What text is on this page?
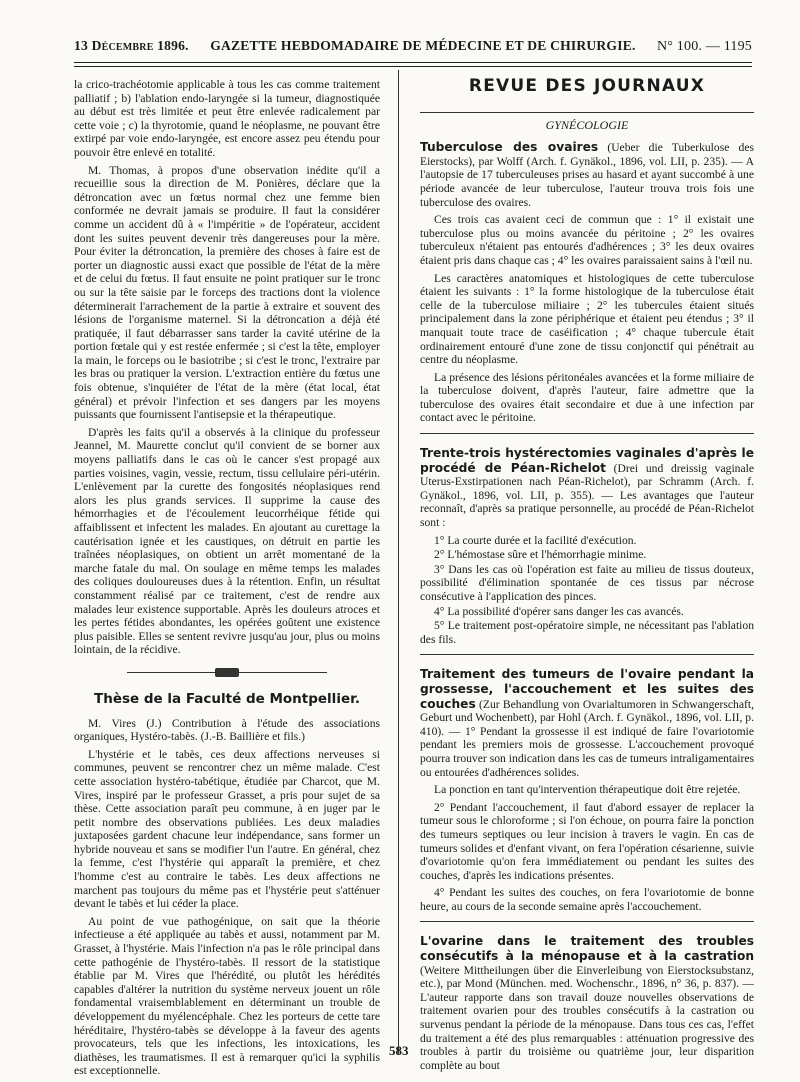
13 Décembre 1896. GAZETTE HEBDOMADAIRE DE MÉDECINE ET DE CHIRURGIE. N° 100. — 1195

la crico-trachéotomie applicable à tous les cas comme traitement palliatif ; b) l'ablation endo-laryngée si la tumeur, diagnostiquée au début est très limitée et peut être enlevée radicalement par cette voie ; c) la thyrotomie, quand le néoplasme, ne pouvant être extirpé par voie endo-laryngée, est encore assez peu étendu pour pouvoir être enlevé en totalité.

M. Thomas, à propos d'une observation inédite qu'il a recueillie sous la direction de M. Ponières, déclare que la détroncation avec un fœtus normal chez une femme bien conformée ne devrait jamais se produire. Il faut la considérer comme un accident dû à « l'impéritie » de l'opérateur, accident dont les suites peuvent devenir très dangereuses pour la mère. Pour éviter la détroncation, la première des choses à faire est de porter un diagnostic aussi exact que possible de l'état de la mère et de celui du fœtus. Il faut ensuite ne point pratiquer sur le tronc ou sur la tête saisie par le forceps des tractions dont la violence déterminerait l'arrachement de la partie à extraire et souvent des lésions de l'organisme maternel. Si la détroncation a déjà été pratiquée, il faut débarrasser sans tarder la cavité utérine de la portion fœtale qui y est restée enfermée ; si c'est la tête, employer la main, le forceps ou le basiotribe ; si c'est le tronc, l'extraire par les bras ou pratiquer la version. L'extraction entière du fœtus une fois obtenue, s'inquiéter de l'état de la mère (état local, état général) et prévoir l'infection et ses dangers par les moyens puissants que fournissent l'antisepsie et la thérapeutique.

D'après les faits qu'il a observés à la clinique du professeur Jeannel, M. Maurette conclut qu'il convient de se borner aux moyens palliatifs dans le cas où le cancer s'est propagé aux parties voisines, vagin, vessie, rectum, tissu cellulaire péri-utérin. L'enlèvement par la curette des fongosités néoplasiques rend alors les plus grands services. Il supprime la cause des hémorrhagies et de l'écoulement leucorrhéique fétide qui affaiblissent et infectent les malades. En ajoutant au curettage la cautérisation ignée et les caustiques, on détruit en partie les traînées néoplasiques, on obtient un arrêt momentané de la marche fatale du mal. On soulage en même temps les malades des coliques douloureuses dues à la rétention. Enfin, un résultat constamment réalisé par ce traitement, c'est de rendre aux malades leur existence supportable. Après les douleurs atroces et les pertes fétides abondantes, les opérées goûtent une existence plus paisible. Elles se sentent revivre jusqu'au jour, plus ou moins lointain, de la récidive.

Thèse de la Faculté de Montpellier.

M. Vires (J.) Contribution à l'étude des associations organiques, Hystéro-tabès. (J.-B. Baillière et fils.)

L'hystérie et le tabès, ces deux affections nerveuses si communes, peuvent se rencontrer chez un même malade. C'est cette association hystéro-tabétique, étudiée par Charcot, que M. Vires, inspiré par le professeur Grasset, a pris pour sujet de sa thèse. Cette association paraît peu commune, à en juger par le petit nombre des observations publiées. Les deux maladies juxtaposées gardent chacune leur indépendance, sans former un hybride nouveau et sans se modifier l'un l'autre. En général, chez la femme, c'est l'hystérie qui apparaît la première, et chez l'homme c'est au contraire le tabès. Les deux affections ne marchent pas toujours du même pas et l'hystérie peut s'atténuer devant le tabès et lui céder la place.

Au point de vue pathogénique, on sait que la théorie infectieuse a été appliquée au tabès et aussi, notamment par M. Grasset, à l'hystérie. Mais l'infection n'a pas le rôle principal dans cette pathogénie de l'hystéro-tabès. Il ressort de la statistique établie par M. Vires que l'hérédité, ou plutôt les hérédités capables d'altérer la nutrition du système nerveux jouent un rôle fondamental vraisemblablement en déterminant un trouble de développement du myélencéphale. Chez les porteurs de cette tare héréditaire, l'hystéro-tabès se développe à la faveur des agents provocateurs, tels que les infections, les intoxications, les diathèses, les traumatismes. Il est à remarquer qu'ici la syphilis est exceptionnelle.

REVUE DES JOURNAUX
GYNÉCOLOGIE

Tuberculose des ovaires (Ueber die Tuberkulose des Eierstocks), par Wolff (Arch. f. Gynäkol., 1896, vol. LII, p. 235). — A l'autopsie de 17 tuberculeuses prises au hasard et ayant succombé à une période avancée de leur tuberculose, l'auteur trouva trois fois une tuberculose des ovaires.

Ces trois cas avaient ceci de commun que : 1° il existait une tuberculose plus ou moins avancée du péritoine ; 2° les ovaires tuberculeux n'étaient pas entourés d'adhérences ; 3° les deux ovaires étaient pris dans chaque cas ; 4° les ovaires paraissaient sains à l'œil nu.

Les caractères anatomiques et histologiques de cette tuberculose étaient les suivants : 1° la forme histologique de la tuberculose était celle de la tuberculose miliaire ; 2° les tubercules étaient situés principalement dans la zone périphérique et étaient peu étendus ; 3° il manquait toute trace de caséification ; 4° chaque tubercule était ordinairement entouré d'une zone de tissu conjonctif qui pénétrait au centre du néoplasme.

La présence des lésions péritonéales avancées et la forme miliaire de la tuberculose doivent, d'après l'auteur, faire admettre que la tuberculose des ovaires était secondaire et due à une infection par contact avec le péritoine.

Trente-trois hystérectomies vaginales d'après le procédé de Péan-Richelot (Drei und dreissig vaginale Uterus-Exstirpationen nach Péan-Richelot), par Schramm (Arch. f. Gynäkol., 1896, vol. LII, p. 355). — Les avantages que l'auteur reconnaît, d'après sa pratique personnelle, au procédé de Péan-Richelot sont :

1° La courte durée et la facilité d'exécution.

2° L'hémostase sûre et l'hémorrhagie minime.

3° Dans les cas où l'opération est faite au milieu de tissus douteux, possibilité d'élimination spontanée de ces tissus par nécrose consécutive à l'application des pinces.

4° La possibilité d'opérer sans danger les cas avancés.

5° Le traitement post-opératoire simple, ne nécessitant pas l'ablation des fils.

Traitement des tumeurs de l'ovaire pendant la grossesse, l'accouchement et les suites des couches (Zur Behandlung von Ovarialtumoren in Schwangerschaft, Geburt und Wochenbett), par Hohl (Arch. f. Gynäkol., 1896, vol. LII, p. 410). — 1° Pendant la grossesse il est indiqué de faire l'ovariotomie pendant les premiers mois de grossesse. L'accouchement provoqué pourra trouver son indication dans les cas de tumeurs intraligamentaires ou entourées d'adhérences solides.

La ponction en tant qu'intervention thérapeutique doit être rejetée.

2° Pendant l'accouchement, il faut d'abord essayer de replacer la tumeur sous le chloroforme ; si l'on échoue, on pourra faire la ponction des tumeurs septiques ou leur incision à travers le vagin. En cas de tumeurs solides et d'enfant vivant, on fera l'opération césarienne, suivie d'ovariotomie qu'on fera immédiatement ou pendant les suites des couches, d'après les indications présentes.

4° Pendant les suites des couches, on fera l'ovariotomie de bonne heure, au cours de la seconde semaine après l'accouchement.

L'ovarine dans le traitement des troubles consécutifs à la ménopause et à la castration (Weitere Mittheilungen über die Einverleibung von Eierstocksubstanz, etc.), par Mond (München. med. Wochenschr., 1896, n° 36, p. 837). — L'auteur rapporte dans son travail douze nouvelles observations de traitement ovarien pour des troubles consécutifs à la castration ou survenus pendant la période de la ménopause. Dans tous ces cas, l'effet du traitement a été des plus remarquables : atténuation progressive des troubles à partir du troisième ou quatrième jour, leur disparition complète au bout

583
